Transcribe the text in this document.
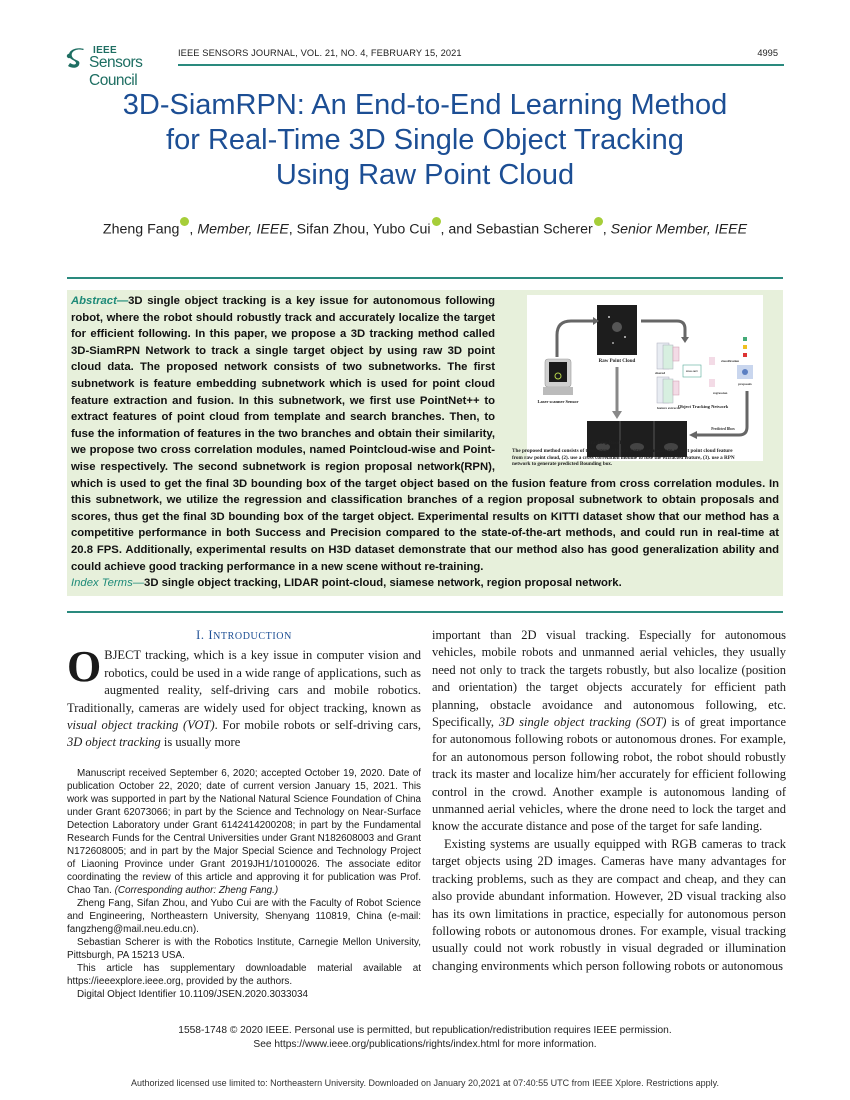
IEEE
Sensors Council
IEEE SENSORS JOURNAL, VOL. 21, NO. 4, FEBRUARY 15, 2021	4995
3D-SiamRPN: An End-to-End Learning Method
for Real-Time 3D Single Object Tracking
Using Raw Point Cloud
Zheng Fang , Member, IEEE, Sifan Zhou, Yubo Cui , and Sebastian Scherer , Senior Member, IEEE
Raw Point Cloud
Laser scanner Sensor
shared	cross corr.
classification
regression
feature extractor
Object Tracking Network
proposals
Predicted Bbox
Abstract—3D single object tracking is a key issue for autonomous following robot, where the robot should robustly track and accurately localize the target for efficient following. In this paper, we propose a 3D tracking method called 3D-SiamRPN Network to track a single target object by using raw 3D point cloud data. The proposed network consists of two subnetworks. The first subnetwork is feature embedding subnetwork which is used for point cloud feature extraction and fusion. In this subnetwork, we first use PointNet++ to extract features of point cloud from template and search branches. Then, to fuse the information of features in the two branches and obtain their similarity, we propose two cross correlation modules, named Pointcloud-wise and Point-wise respectively. The second subnetwork is region proposal network(RPN), which is used to get the final 3D bounding box of the target object based on the fusion feature from cross correlation modules. In this subnetwork, we utilize the regression and classification branches of a region proposal subnetwork to obtain proposals and scores, thus get the final 3D bounding box of the target object. Experimental results on KITTI dataset show that our method has a competitive performance in both Success and Precision compared to the state-of-the-art methods, and could run in real-time at 20.8 FPS. Additionally, experimental results on H3D dataset demonstrate that our method also has good generalization ability and could achieve good tracking performance in a new scene without re-training.
Tracking Result
The proposed method consists of three steps: (1). use feature extractor to extract point cloud feature from raw point cloud, (2). use a cross correlation module to fuse the extracted feature, (3). use a RPN network to generate predicted Bounding box.
Index Terms—3D single object tracking, LIDAR point-cloud, siamese network, region proposal network.
I. INTRODUCTION

OBJECT tracking, which is a key issue in computer vision and robotics, could be used in a wide range of applications, such as augmented reality, self-driving cars and mobile robotics. Traditionally, cameras are widely used for object tracking, known as visual object tracking (VOT). For mobile robots or self-driving cars, 3D object tracking is usually more

Manuscript received September 6, 2020; accepted October 19, 2020. Date of publication October 22, 2020; date of current version January 15, 2021. This work was supported in part by the National Natural Science Foundation of China under Grant 62073066; in part by the Science and Technology on Near-Surface Detection Laboratory under Grant 6142414200208; in part by the Fundamental Research Funds for the Central Universities under Grant N182608003 and Grant N172608005; and in part by the Major Special Science and Technology Project of Liaoning Province under Grant 2019JH1/10100026. The associate editor coordinating the review of this article and approving it for publication was Prof. Chao Tan. (Corresponding author: Zheng Fang.)

Zheng Fang, Sifan Zhou, and Yubo Cui are with the Faculty of Robot Science and Engineering, Northeastern University, Shenyang 110819, China (e-mail: fangzheng@mail.neu.edu.cn).

Sebastian Scherer is with the Robotics Institute, Carnegie Mellon University, Pittsburgh, PA 15213 USA.

This article has supplementary downloadable material available at https://ieeexplore.ieee.org, provided by the authors.

Digital Object Identifier 10.1109/JSEN.2020.3033034

important than 2D visual tracking. Especially for autonomous vehicles, mobile robots and unmanned aerial vehicles, they usually need not only to track the targets robustly, but also localize (position and orientation) the target objects accurately for efficient path planning, obstacle avoidance and autonomous following, etc. Specifically, 3D single object tracking (SOT) is of great importance for autonomous following robots or autonomous drones. For example, for an autonomous person following robot, the robot should robustly track its master and localize him/her accurately for efficient following control in the crowd. Another example is autonomous landing of unmanned aerial vehicles, where the drone need to lock the target and know the accurate distance and pose of the target for safe landing.

Existing systems are usually equipped with RGB cameras to track target objects using 2D images. Cameras have many advantages for tracking problems, such as they are compact and cheap, and they can also provide abundant information. However, 2D visual tracking also has its own limitations in practice, especially for autonomous person following robots or autonomous drones. For example, visual tracking usually could not work robustly in visual degraded or illumination changing environments which person following robots or autonomous

1558-1748 © 2020 IEEE. Personal use is permitted, but republication/redistribution requires IEEE permission.
See https://www.ieee.org/publications/rights/index.html for more information.
Authorized licensed use limited to: Northeastern University. Downloaded on January 20,2021 at 07:40:55 UTC from IEEE Xplore. Restrictions apply.
